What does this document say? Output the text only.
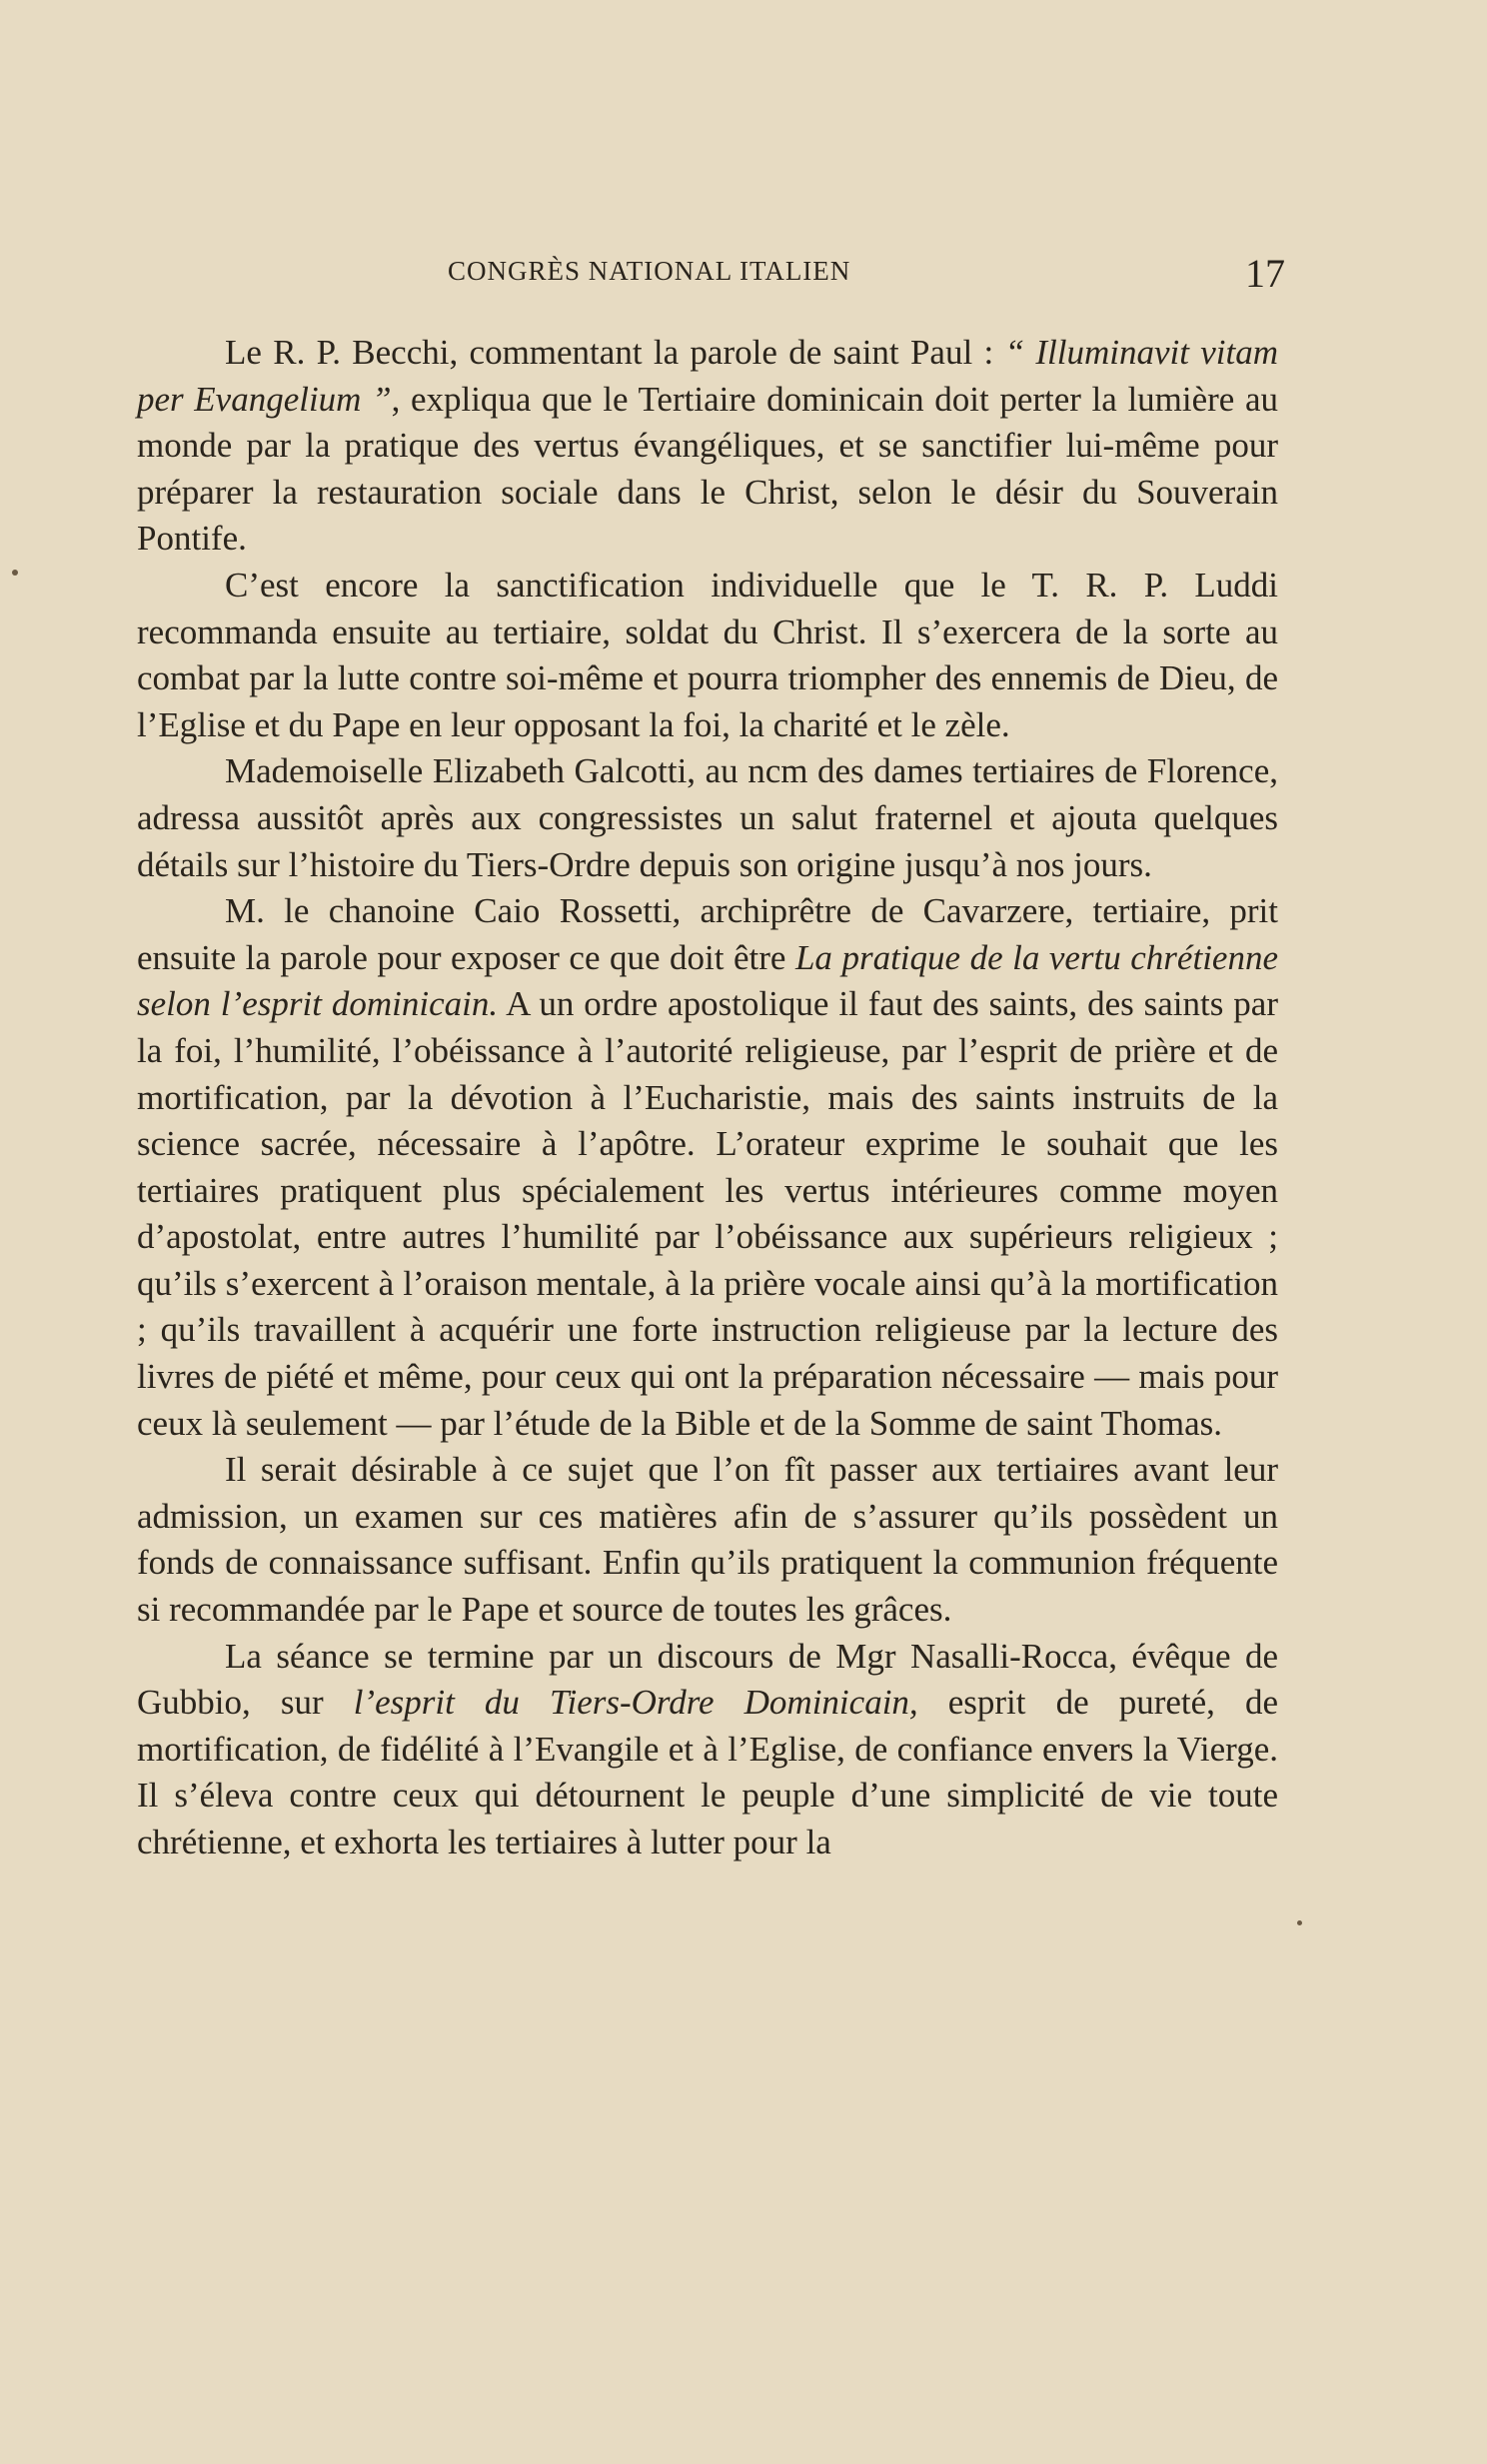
CONGRÈS NATIONAL ITALIEN	17

Le R. P. Becchi, commentant la parole de saint Paul : “ Illuminavit vitam per Evangelium ”, expliqua que le Tertiaire dominicain doit perter la lumière au monde par la pratique des vertus évangéliques, et se sanctifier lui-même pour préparer la restauration sociale dans le Christ, selon le désir du Souverain Pontife.

C’est encore la sanctification individuelle que le T. R. P. Luddi recommanda ensuite au tertiaire, soldat du Christ. Il s’exercera de la sorte au combat par la lutte contre soi-même et pourra triompher des ennemis de Dieu, de l’Eglise et du Pape en leur opposant la foi, la charité et le zèle.

Mademoiselle Elizabeth Galcotti, au ncm des dames tertiaires de Florence, adressa aussitôt après aux congressistes un salut fraternel et ajouta quelques détails sur l’histoire du Tiers-Ordre depuis son origine jusqu’à nos jours.

M. le chanoine Caio Rossetti, archiprêtre de Cavarzere, tertiaire, prit ensuite la parole pour exposer ce que doit être La pratique de la vertu chrétienne selon l’esprit dominicain. A un ordre apostolique il faut des saints, des saints par la foi, l’humilité, l’obéissance à l’autorité religieuse, par l’esprit de prière et de mortification, par la dévotion à l’Eucharistie, mais des saints instruits de la science sacrée, nécessaire à l’apôtre. L’orateur exprime le souhait que les tertiaires pratiquent plus spécialement les vertus intérieures comme moyen d’apostolat, entre autres l’humilité par l’obéissance aux supérieurs religieux ; qu’ils s’exercent à l’oraison mentale, à la prière vocale ainsi qu’à la mortification ; qu’ils travaillent à acquérir une forte instruction religieuse par la lecture des livres de piété et même, pour ceux qui ont la préparation nécessaire — mais pour ceux là seulement — par l’étude de la Bible et de la Somme de saint Thomas.

Il serait désirable à ce sujet que l’on fît passer aux tertiaires avant leur admission, un examen sur ces matières afin de s’assurer qu’ils possèdent un fonds de connaissance suffisant. Enfin qu’ils pratiquent la communion fréquente si recommandée par le Pape et source de toutes les grâces.

La séance se termine par un discours de Mgr Nasalli-Rocca, évêque de Gubbio, sur l’esprit du Tiers-Ordre Dominicain, esprit de pureté, de mortification, de fidélité à l’Evangile et à l’Eglise, de confiance envers la Vierge. Il s’éleva contre ceux qui détournent le peuple d’une simplicité de vie toute chrétienne, et exhorta les tertiaires à lutter pour la
